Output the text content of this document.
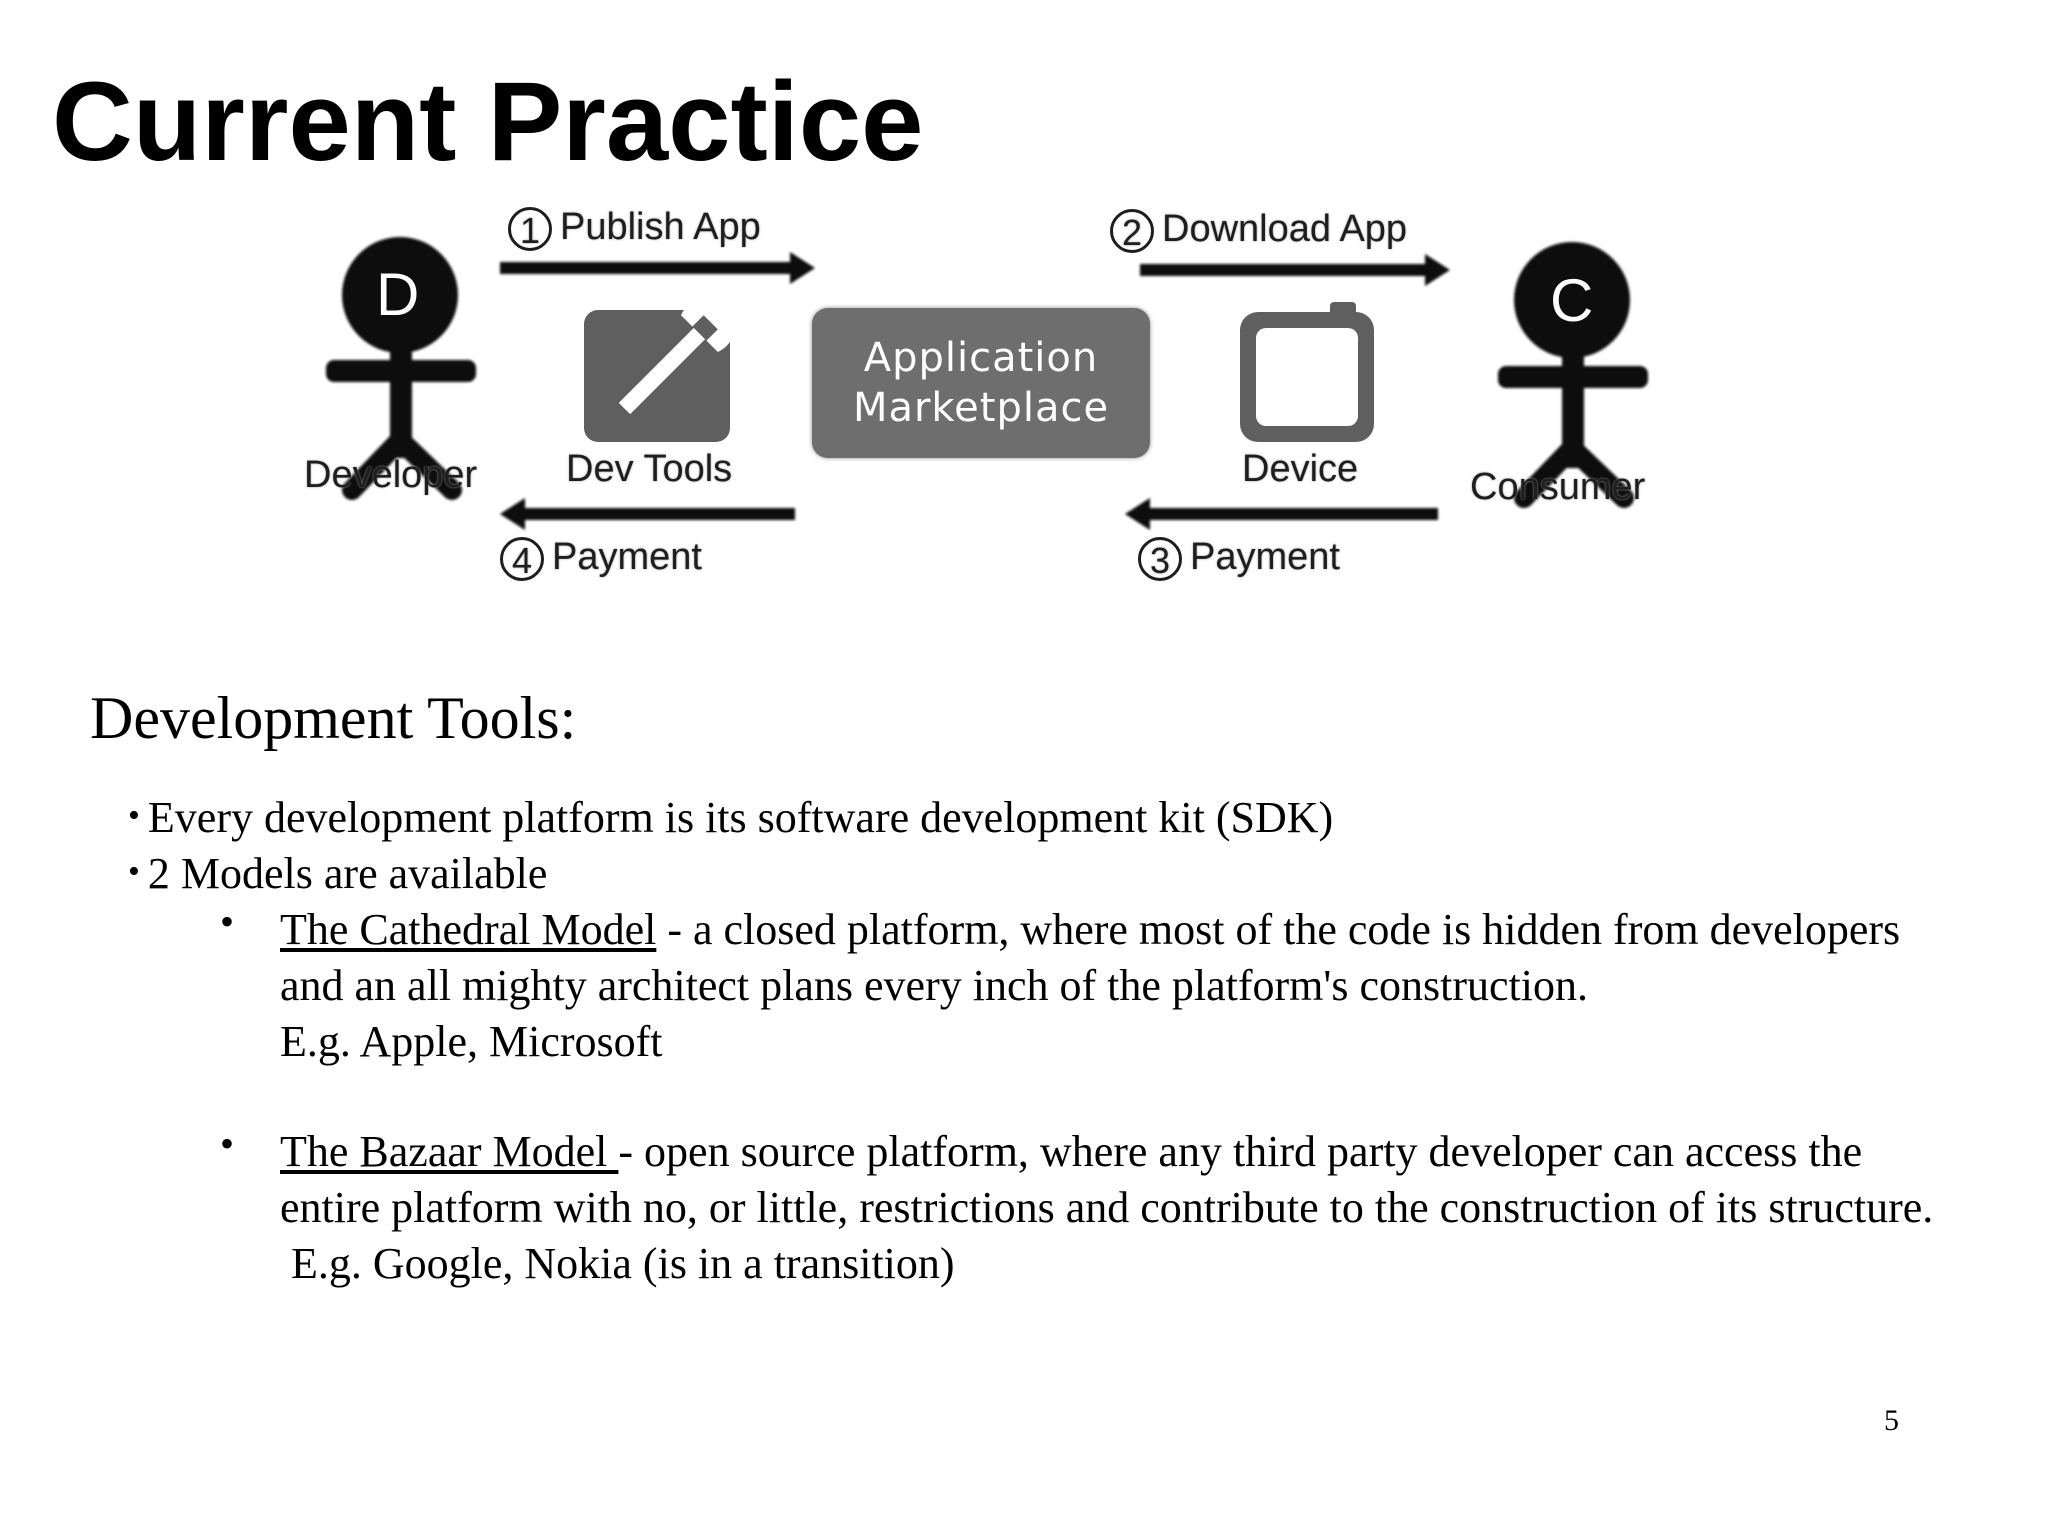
Current Practice
D	C
Developer Dev Tools	Device	Consumer
Application
Marketplace
1 Publish App	2 Download App
3 Payment
4 Payment
Development Tools:
• Every development platform is its software development kit (SDK)
• 2 Models are available
• The Cathedral Model - a closed platform, where most of the code is hidden from developers
and an all mighty architect plans every inch of the platform's construction.
E.g. Apple, Microsoft
• The Bazaar Model - open source platform, where any third party developer can access the
entire platform with no, or little, restrictions and contribute to the construction of its structure.
E.g. Google, Nokia (is in a transition)
5
